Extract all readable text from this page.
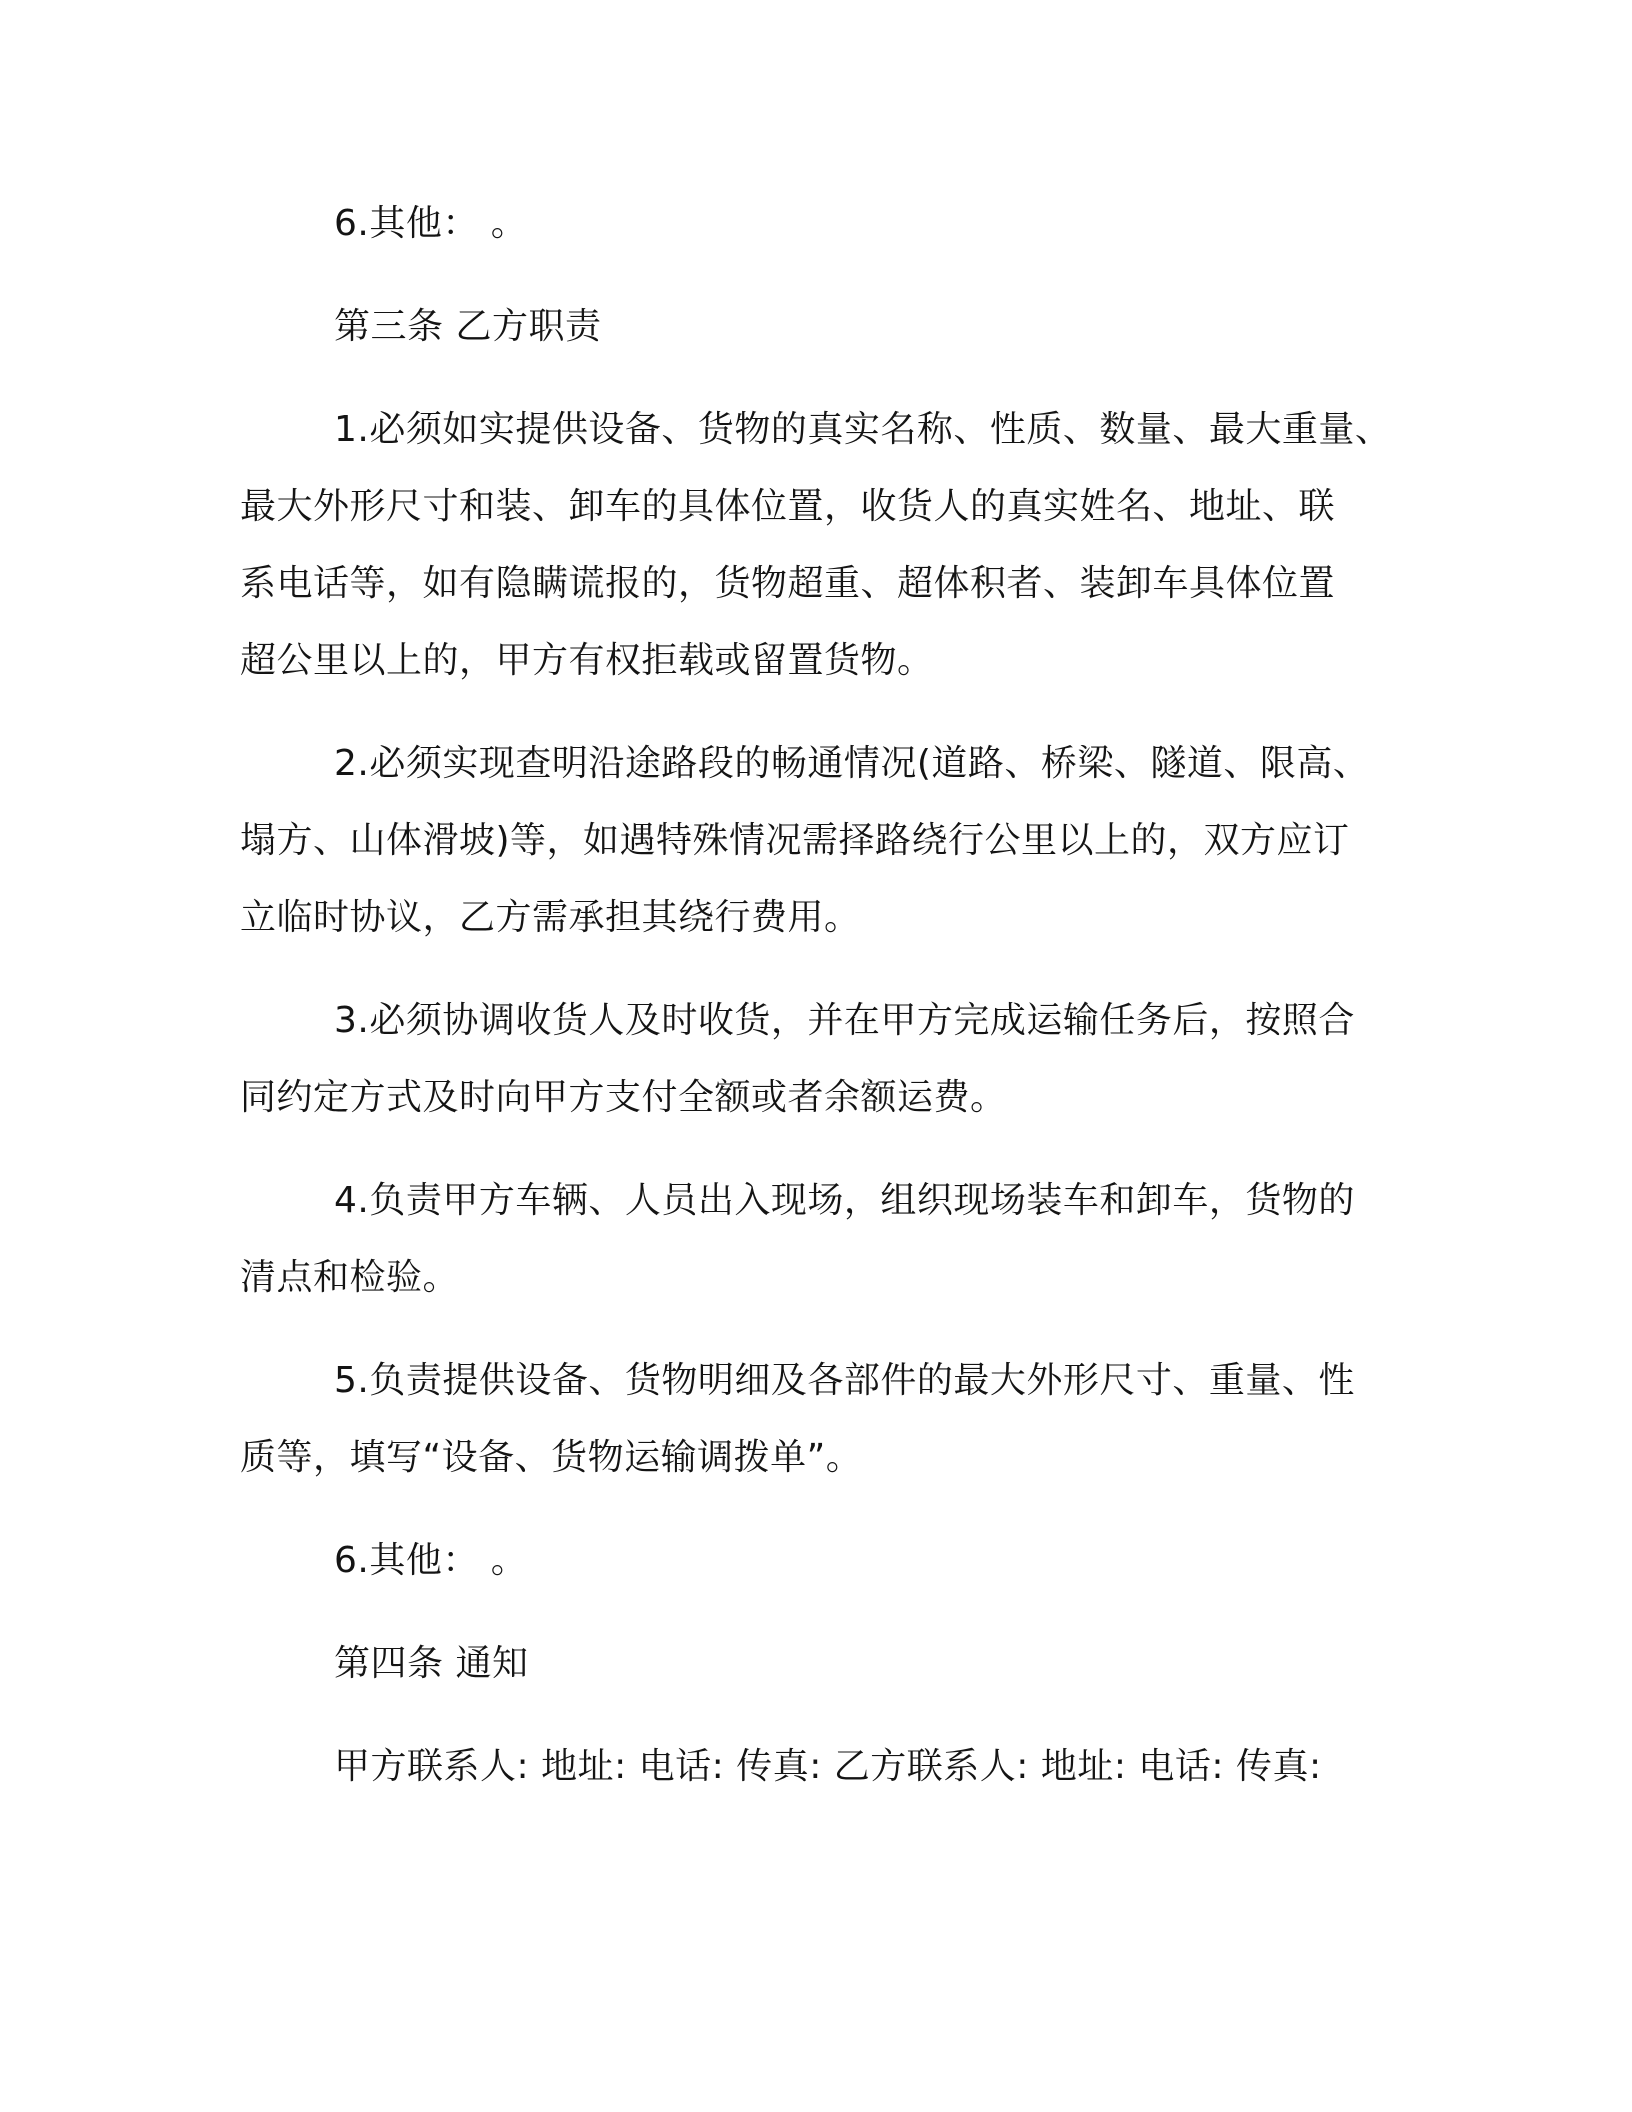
6.其他： 。
第三条 乙方职责
1.必须如实提供设备、货物的真实名称、性质、数量、最大重量、
最大外形尺寸和装、卸车的具体位置，收货人的真实姓名、地址、联
系电话等，如有隐瞒谎报的，货物超重、超体积者、装卸车具体位置
超公里以上的，甲方有权拒载或留置货物。
2.必须实现查明沿途路段的畅通情况(道路、桥梁、隧道、限高、
塌方、山体滑坡)等，如遇特殊情况需择路绕行公里以上的，双方应订
立临时协议，乙方需承担其绕行费用。
3.必须协调收货人及时收货，并在甲方完成运输任务后，按照合
同约定方式及时向甲方支付全额或者余额运费。
4.负责甲方车辆、人员出入现场，组织现场装车和卸车，货物的
清点和检验。
5.负责提供设备、货物明细及各部件的最大外形尺寸、重量、性
质等，填写“设备、货物运输调拨单”。
6.其他： 。
第四条 通知
甲方联系人: 地址: 电话: 传真: 乙方联系人: 地址: 电话: 传真:
